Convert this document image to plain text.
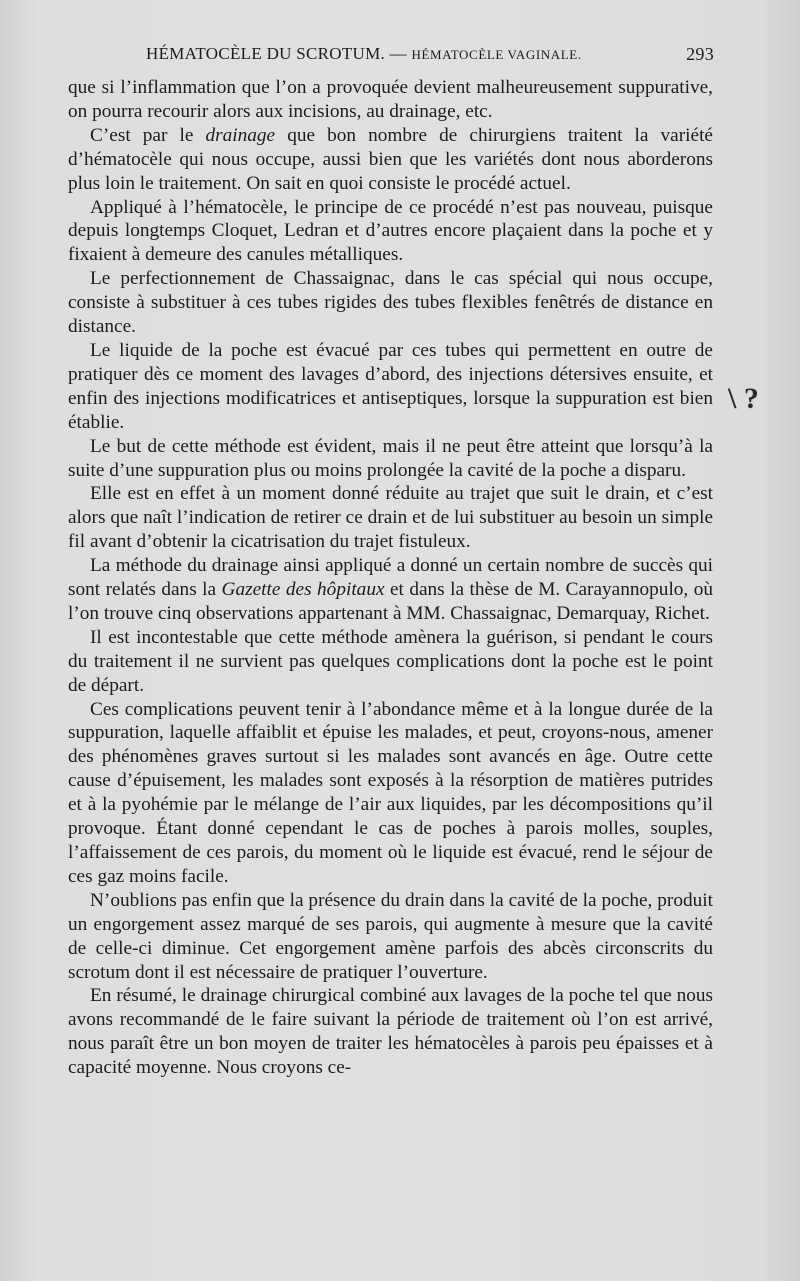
HÉMATOCÈLE DU SCROTUM. — HÉMATOCÈLE VAGINALE.	293

que si l’inflammation que l’on a provoquée devient malheureusement suppurative, on pourra recourir alors aux incisions, au drainage, etc.

C’est par le drainage que bon nombre de chirurgiens traitent la variété d’hématocèle qui nous occupe, aussi bien que les variétés dont nous aborderons plus loin le traitement. On sait en quoi consiste le procédé actuel.

Appliqué à l’hématocèle, le principe de ce procédé n’est pas nouveau, puisque depuis longtemps Cloquet, Ledran et d’autres encore plaçaient dans la poche et y fixaient à demeure des canules métalliques.

Le perfectionnement de Chassaignac, dans le cas spécial qui nous occupe, consiste à substituer à ces tubes rigides des tubes flexibles fenêtrés de distance en distance.

Le liquide de la poche est évacué par ces tubes qui permettent en outre de pratiquer dès ce moment des lavages d’abord, des injections détersives ensuite, et enfin des injections modificatrices et antiseptiques, lorsque la suppuration est bien établie.

Le but de cette méthode est évident, mais il ne peut être atteint que lorsqu’à la suite d’une suppuration plus ou moins prolongée la cavité de la poche a disparu.

Elle est en effet à un moment donné réduite au trajet que suit le drain, et c’est alors que naît l’indication de retirer ce drain et de lui substituer au besoin un simple fil avant d’obtenir la cicatrisation du trajet fistuleux.

La méthode du drainage ainsi appliqué a donné un certain nombre de succès qui sont relatés dans la Gazette des hôpitaux et dans la thèse de M. Carayannopulo, où l’on trouve cinq observations appartenant à MM. Chassaignac, Demarquay, Richet.

Il est incontestable que cette méthode amènera la guérison, si pendant le cours du traitement il ne survient pas quelques complications dont la poche est le point de départ.

Ces complications peuvent tenir à l’abondance même et à la longue durée de la suppuration, laquelle affaiblit et épuise les malades, et peut, croyons-nous, amener des phénomènes graves surtout si les malades sont avancés en âge. Outre cette cause d’épuisement, les malades sont exposés à la résorption de matières putrides et à la pyohémie par le mélange de l’air aux liquides, par les décompositions qu’il provoque. Étant donné cependant le cas de poches à parois molles, souples, l’affaissement de ces parois, du moment où le liquide est évacué, rend le séjour de ces gaz moins facile.

N’oublions pas enfin que la présence du drain dans la cavité de la poche, produit un engorgement assez marqué de ses parois, qui augmente à mesure que la cavité de celle-ci diminue. Cet engorgement amène parfois des abcès circonscrits du scrotum dont il est nécessaire de pratiquer l’ouverture.

En résumé, le drainage chirurgical combiné aux lavages de la poche tel que nous avons recommandé de le faire suivant la période de traitement où l’on est arrivé, nous paraît être un bon moyen de traiter les hématocèles à parois peu épaisses et à capacité moyenne. Nous croyons ce-

\ ?
